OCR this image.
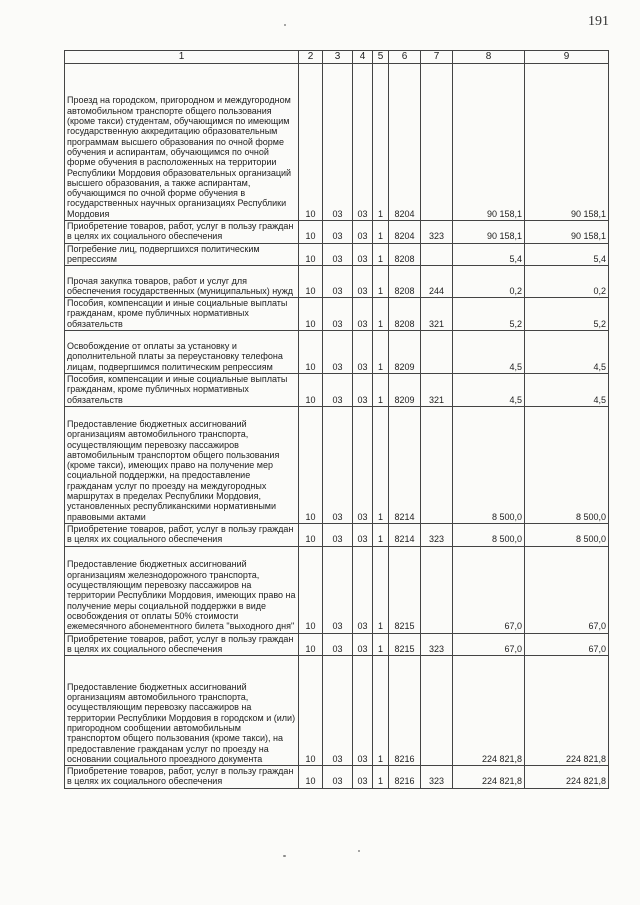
191
1	2	3	4	5	6	7	8	9
Проезд на городском, пригородном и междугородном автомобильном транспорте общего пользования (кроме такси) студентам, обучающимся по имеющим государственную аккредитацию образовательным программам высшего образования по очной форме обучения и аспирантам, обучающимся по очной форме обучения в расположенных на территории Республики Мордовия образовательных организаций высшего образования, а также аспирантам, обучающимся по очной форме обучения в государственных научных организациях Республики Мордовия	10	03	03	1	8204		90 158,1	90 158,1
Приобретение товаров, работ, услуг в пользу граждан в целях их социального обеспечения	10	03	03	1	8204	323	90 158,1	90 158,1
Погребение лиц, подвергшихся политическим репрессиям	10	03	03	1	8208		5,4	5,4
Прочая закупка товаров, работ и услуг для обеспечения государственных (муниципальных) нужд	10	03	03	1	8208	244	0,2	0,2
Пособия, компенсации и иные социальные выплаты гражданам, кроме публичных нормативных обязательств	10	03	03	1	8208	321	5,2	5,2
Освобождение от оплаты за установку и дополнительной платы за переустановку телефона лицам, подвергшимся политическим репрессиям	10	03	03	1	8209		4,5	4,5
Пособия, компенсации и иные социальные выплаты гражданам, кроме публичных нормативных обязательств	10	03	03	1	8209	321	4,5	4,5
Предоставление бюджетных ассигнований организациям автомобильного транспорта, осуществляющим перевозку пассажиров автомобильным транспортом общего пользования (кроме такси), имеющих право на получение мер социальной поддержки, на предоставление гражданам услуг по проезду на междугородных маршрутах в пределах Республики Мордовия, установленных республиканскими нормативными правовыми актами	10	03	03	1	8214		8 500,0	8 500,0
Приобретение товаров, работ, услуг в пользу граждан в целях их социального обеспечения	10	03	03	1	8214	323	8 500,0	8 500,0
Предоставление бюджетных ассигнований организациям железнодорожного транспорта, осуществляющим перевозку пассажиров на территории Республики Мордовия, имеющих право на получение меры социальной поддержки в виде освобождения от оплаты 50% стоимости ежемесячного абонементного билета "выходного дня"	10	03	03	1	8215		67,0	67,0
Приобретение товаров, работ, услуг в пользу граждан в целях их социального обеспечения	10	03	03	1	8215	323	67,0	67,0
Предоставление бюджетных ассигнований организациям автомобильного транспорта, осуществляющим перевозку пассажиров на территории Республики Мордовия в городском и (или) пригородном сообщении автомобильным транспортом общего пользования (кроме такси), на предоставление гражданам услуг по проезду на основании социального проездного документа	10	03	03	1	8216		224 821,8	224 821,8
Приобретение товаров, работ, услуг в пользу граждан в целях их социального обеспечения	10	03	03	1	8216	323	224 821,8	224 821,8
